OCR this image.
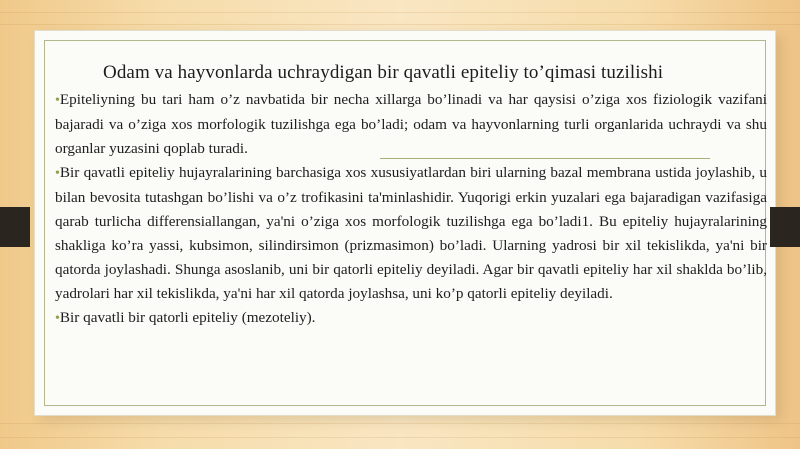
Odam va hayvonlarda uchraydigan bir qavatli epiteliy to’qimasi tuzilishi

•Epiteliyning bu tari ham o’z navbatida bir necha xillarga bo’linadi va har qaysisi o’ziga xos fiziologik vazifani bajaradi va o’ziga xos morfologik tuzilishga ega bo’ladi; odam va hayvonlarning turli organlarida uchraydi va shu organlar yuzasini qoplab turadi.

•Bir qavatli epiteliy hujayralarining barchasiga xos xususiyatlardan biri ularning bazal membrana ustida joylashib, u bilan bevosita tutashgan bo’lishi va o’z trofikasini ta'minlashidir. Yuqorigi erkin yuzalari ega bajaradigan vazifasiga qarab turlicha differensiallangan, ya'ni o’ziga xos morfologik tuzilishga ega bo’ladi1. Bu epiteliy hujayralarining shakliga ko’ra yassi, kubsimon, silindirsimon (prizmasimon) bo’ladi. Ularning yadrosi bir xil tekislikda, ya'ni bir qatorda joylashadi. Shunga asoslanib, uni bir qatorli epiteliy deyiladi. Agar bir qavatli epiteliy har xil shaklda bo’lib, yadrolari har xil tekislikda, ya'ni har xil qatorda joylashsa, uni ko’p qatorli epiteliy deyiladi.

•Bir qavatli bir qatorli epiteliy (mezoteliy).
